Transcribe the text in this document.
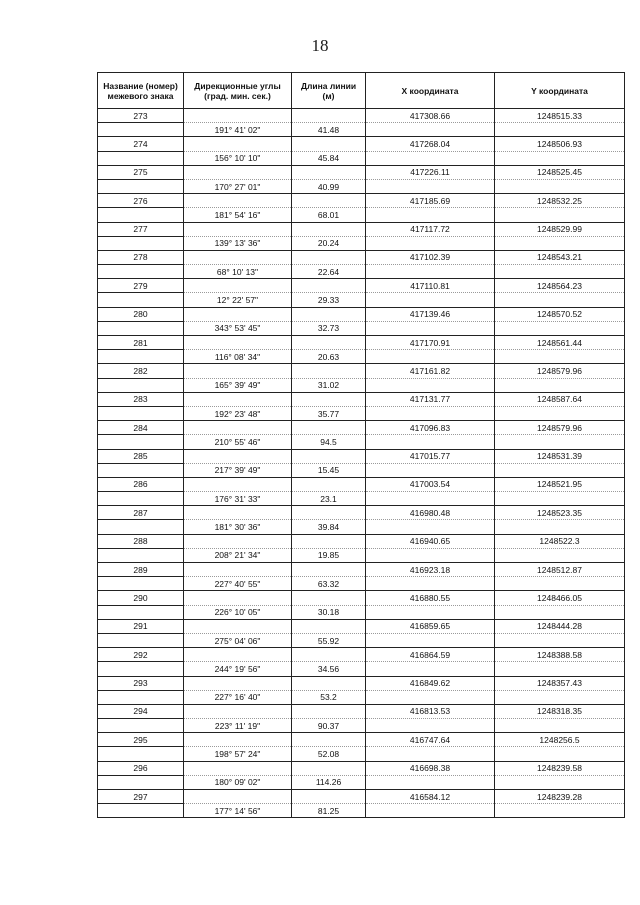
18
Название (номер) межевого знака	Дирекционные углы (град. мин. сек.)	Длина линии (м)	X координата	Y координата
273			417308.66	1248515.33
	191° 41' 02"	41.48		
274			417268.04	1248506.93
	156° 10' 10"	45.84		
275			417226.11	1248525.45
	170° 27' 01"	40.99		
276			417185.69	1248532.25
	181° 54' 16"	68.01		
277			417117.72	1248529.99
	139° 13' 36"	20.24		
278			417102.39	1248543.21
	68° 10' 13"	22.64		
279			417110.81	1248564.23
	12° 22' 57"	29.33		
280			417139.46	1248570.52
	343° 53' 45"	32.73		
281			417170.91	1248561.44
	116° 08' 34"	20.63		
282			417161.82	1248579.96
	165° 39' 49"	31.02		
283			417131.77	1248587.64
	192° 23' 48"	35.77		
284			417096.83	1248579.96
	210° 55' 46"	94.5		
285			417015.77	1248531.39
	217° 39' 49"	15.45		
286			417003.54	1248521.95
	176° 31' 33"	23.1		
287			416980.48	1248523.35
	181° 30' 36"	39.84		
288			416940.65	1248522.3
	208° 21' 34"	19.85		
289			416923.18	1248512.87
	227° 40' 55"	63.32		
290			416880.55	1248466.05
	226° 10' 05"	30.18		
291			416859.65	1248444.28
	275° 04' 06"	55.92		
292			416864.59	1248388.58
	244° 19' 56"	34.56		
293			416849.62	1248357.43
	227° 16' 40"	53.2		
294			416813.53	1248318.35
	223° 11' 19"	90.37		
295			416747.64	1248256.5
	198° 57' 24"	52.08		
296			416698.38	1248239.58
	180° 09' 02"	114.26		
297			416584.12	1248239.28
	177° 14' 56"	81.25		
